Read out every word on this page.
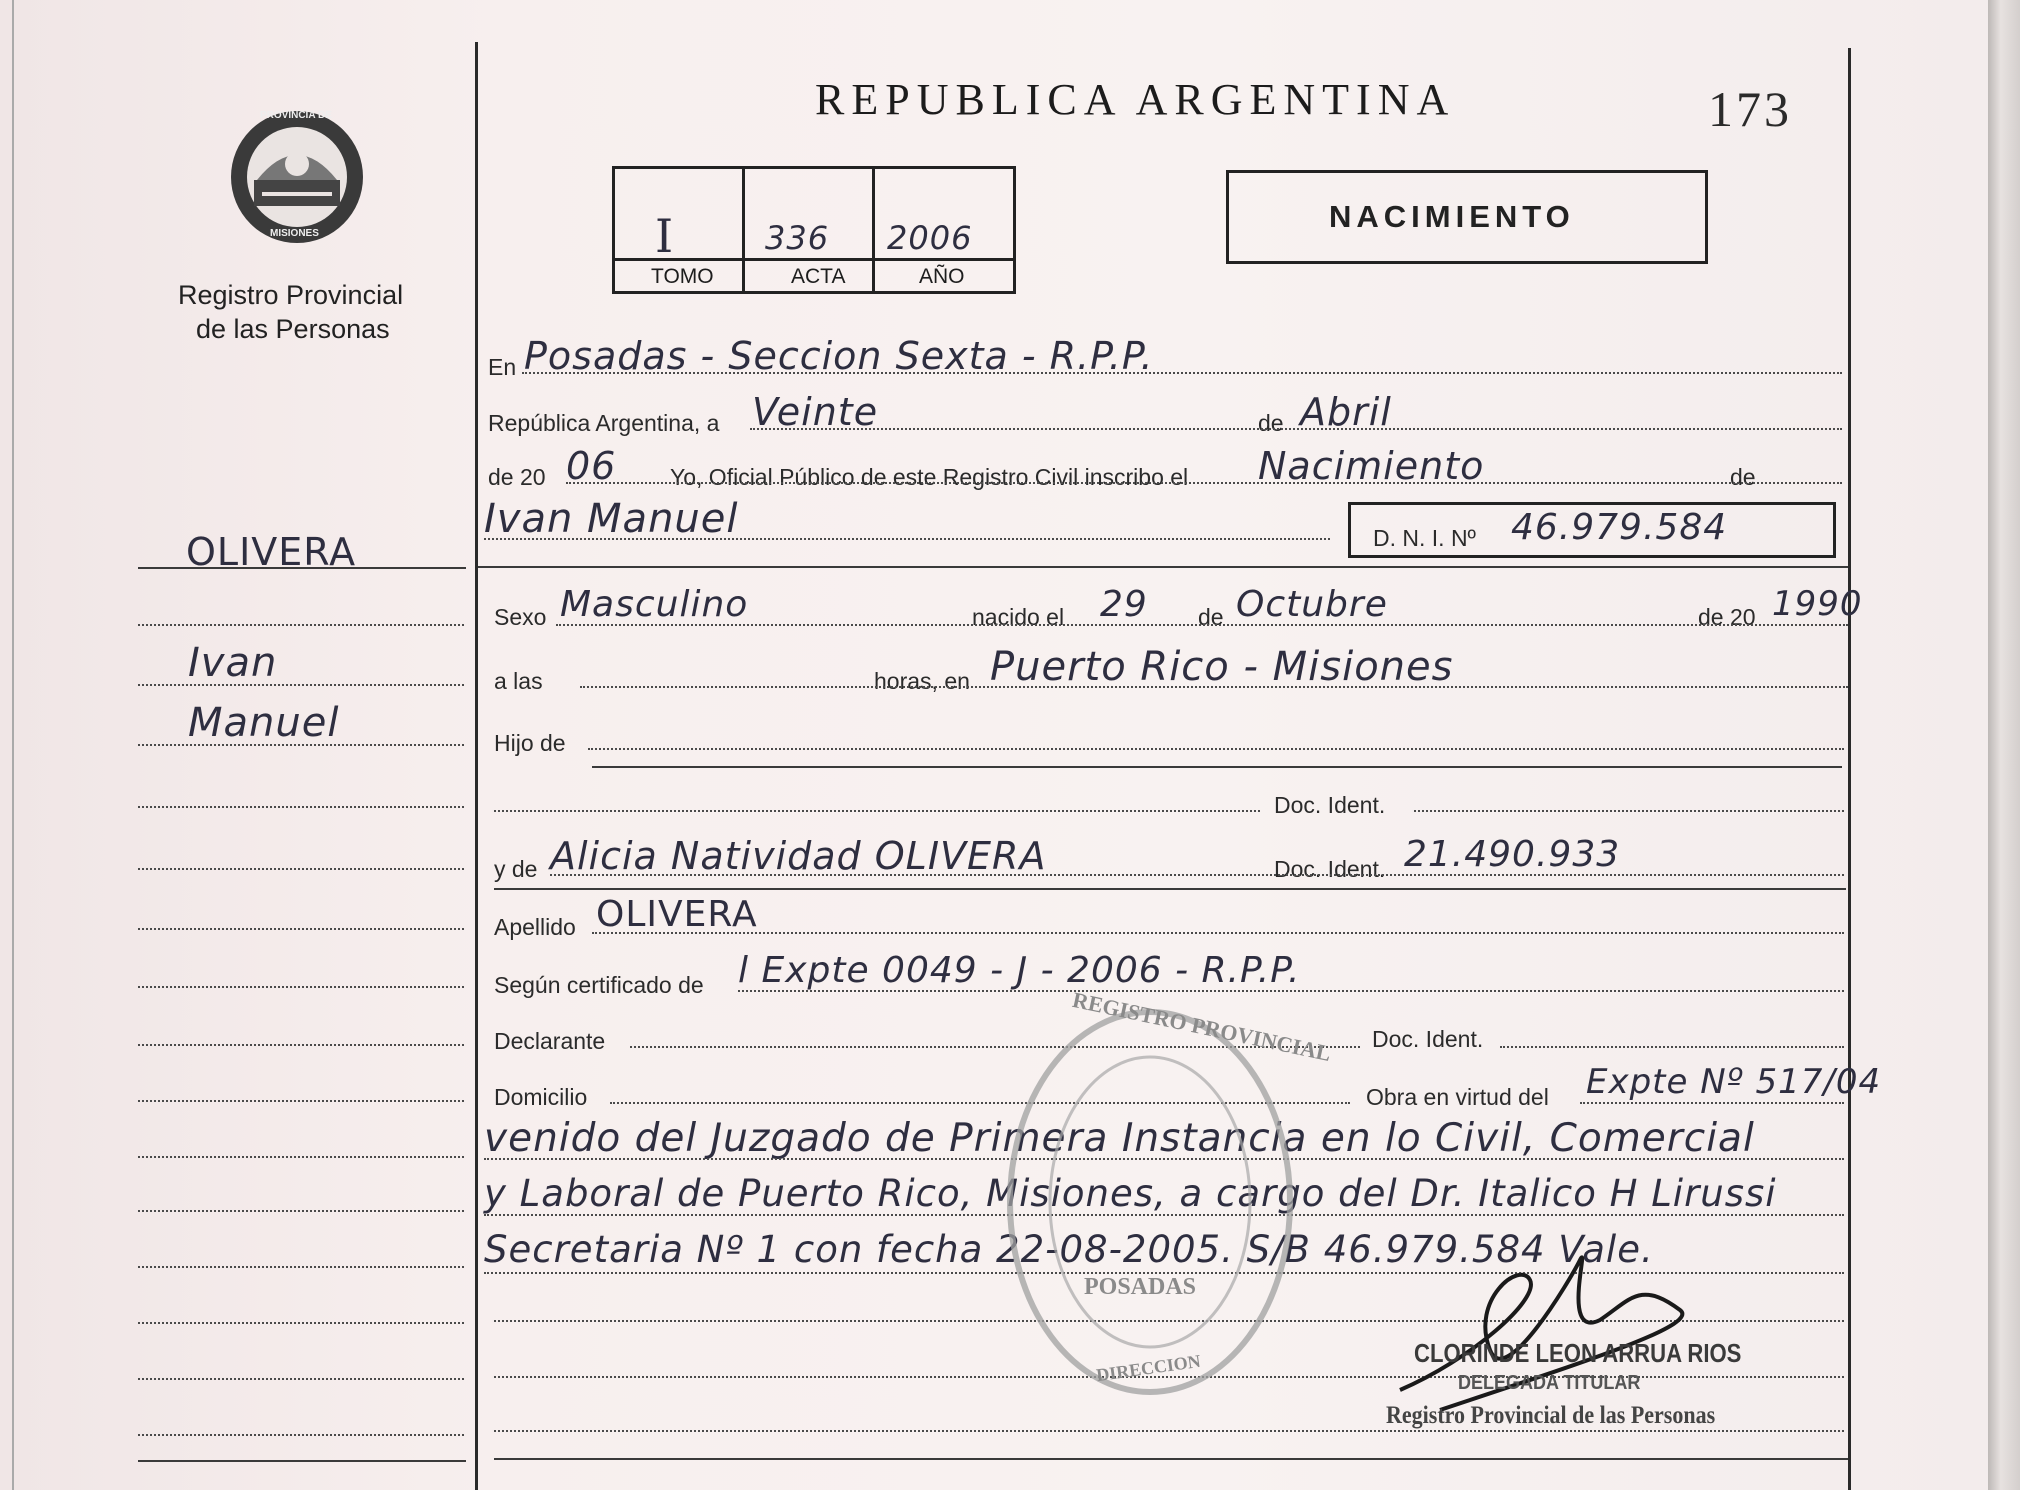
PROVINCIA DE
MISIONES
Registro Provincial
de las Personas
OLIVERA
Ivan
Manuel
REPUBLICA ARGENTINA	173
I	336 2006
TOMO	ACTA	AÑO
NACIMIENTO
En Posadas - Seccion Sexta - R.P.P.
República Argentina, a Veinte	de Abril
de 20 06 Yo, Oficial Público de este Registro Civil inscribo el Nacimiento	de
Ivan Manuel	D. N. I. Nº 46.979.584
Sexo Masculino	nacido el 29 de Octubre	de 20 1990
a las	horas, en Puerto Rico - Misiones
Hijo de
Doc. Ident.
y de Alicia Natividad OLIVERA	Doc. Ident. 21.490.933
Apellido OLIVERA
Según certificado de l Expte 0049 - J - 2006 - R.P.P.
Declarante	Doc. Ident.
Domicilio	Obra en virtud del Expte Nº 517/04
venido del Juzgado de Primera Instancia en lo Civil, Comercial
y Laboral de Puerto Rico, Misiones, a cargo del Dr. Italico H Lirussi
Secretaria Nº 1 con fecha 22-08-2005. S/B 46.979.584 Vale.
REGISTRO PROVINCIAL
POSADAS
DIRECCION	CLORINDE LEON ARRUA RIOS
DELEGADA TITULAR
Registro Provincial de las Personas
